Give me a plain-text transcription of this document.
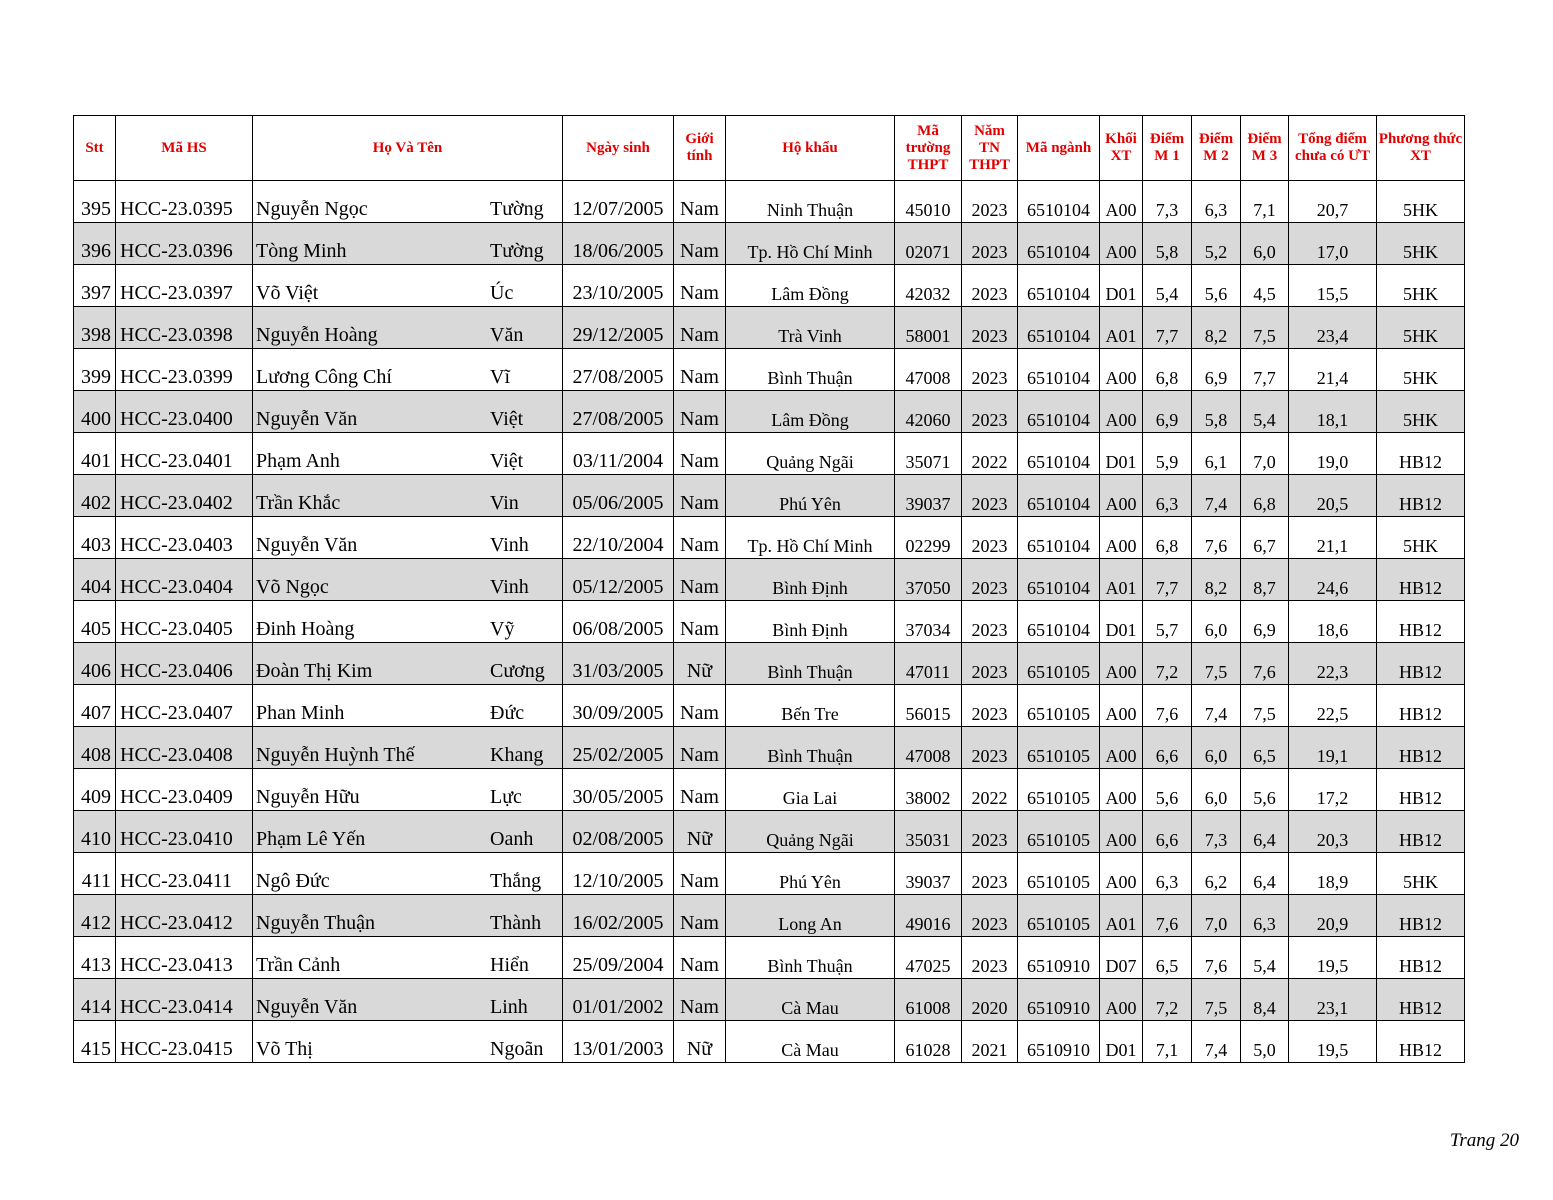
Stt	Mã HS	Họ Và Tên	Ngày sinh	Giới tính	Hộ khẩu	Mã trường THPT	Năm TN THPT	Mã ngành	Khối XT	Điểm M 1	Điểm M 2	Điểm M 3	Tổng điểm chưa có ƯT	Phương thức XT
395	HCC-23.0395	Nguyễn Ngọc Tường	12/07/2005	Nam	Ninh Thuận	45010	2023	6510104	A00	7,3	6,3	7,1	20,7	5HK
396	HCC-23.0396	Tòng Minh Tường	18/06/2005	Nam	Tp. Hồ Chí Minh	02071	2023	6510104	A00	5,8	5,2	6,0	17,0	5HK
397	HCC-23.0397	Võ Việt Úc	23/10/2005	Nam	Lâm Đồng	42032	2023	6510104	D01	5,4	5,6	4,5	15,5	5HK
398	HCC-23.0398	Nguyễn Hoàng Văn	29/12/2005	Nam	Trà Vinh	58001	2023	6510104	A01	7,7	8,2	7,5	23,4	5HK
399	HCC-23.0399	Lương Công Chí Vĩ	27/08/2005	Nam	Bình Thuận	47008	2023	6510104	A00	6,8	6,9	7,7	21,4	5HK
400	HCC-23.0400	Nguyễn Văn Việt	27/08/2005	Nam	Lâm Đồng	42060	2023	6510104	A00	6,9	5,8	5,4	18,1	5HK
401	HCC-23.0401	Phạm Anh Việt	03/11/2004	Nam	Quảng Ngãi	35071	2022	6510104	D01	5,9	6,1	7,0	19,0	HB12
402	HCC-23.0402	Trần Khắc Vin	05/06/2005	Nam	Phú Yên	39037	2023	6510104	A00	6,3	7,4	6,8	20,5	HB12
403	HCC-23.0403	Nguyễn Văn Vinh	22/10/2004	Nam	Tp. Hồ Chí Minh	02299	2023	6510104	A00	6,8	7,6	6,7	21,1	5HK
404	HCC-23.0404	Võ Ngọc Vinh	05/12/2005	Nam	Bình Định	37050	2023	6510104	A01	7,7	8,2	8,7	24,6	HB12
405	HCC-23.0405	Đinh Hoàng Vỹ	06/08/2005	Nam	Bình Định	37034	2023	6510104	D01	5,7	6,0	6,9	18,6	HB12
406	HCC-23.0406	Đoàn Thị Kim Cương	31/03/2005	Nữ	Bình Thuận	47011	2023	6510105	A00	7,2	7,5	7,6	22,3	HB12
407	HCC-23.0407	Phan Minh Đức	30/09/2005	Nam	Bến Tre	56015	2023	6510105	A00	7,6	7,4	7,5	22,5	HB12
408	HCC-23.0408	Nguyễn Huỳnh Thế Khang	25/02/2005	Nam	Bình Thuận	47008	2023	6510105	A00	6,6	6,0	6,5	19,1	HB12
409	HCC-23.0409	Nguyễn Hữu Lực	30/05/2005	Nam	Gia Lai	38002	2022	6510105	A00	5,6	6,0	5,6	17,2	HB12
410	HCC-23.0410	Phạm Lê Yến Oanh	02/08/2005	Nữ	Quảng Ngãi	35031	2023	6510105	A00	6,6	7,3	6,4	20,3	HB12
411	HCC-23.0411	Ngô Đức Thắng	12/10/2005	Nam	Phú Yên	39037	2023	6510105	A00	6,3	6,2	6,4	18,9	5HK
412	HCC-23.0412	Nguyễn Thuận Thành	16/02/2005	Nam	Long An	49016	2023	6510105	A01	7,6	7,0	6,3	20,9	HB12
413	HCC-23.0413	Trần Cảnh Hiển	25/09/2004	Nam	Bình Thuận	47025	2023	6510910	D07	6,5	7,6	5,4	19,5	HB12
414	HCC-23.0414	Nguyễn Văn Linh	01/01/2002	Nam	Cà Mau	61008	2020	6510910	A00	7,2	7,5	8,4	23,1	HB12
415	HCC-23.0415	Võ Thị Ngoãn	13/01/2003	Nữ	Cà Mau	61028	2021	6510910	D01	7,1	7,4	5,0	19,5	HB12
Trang 20
